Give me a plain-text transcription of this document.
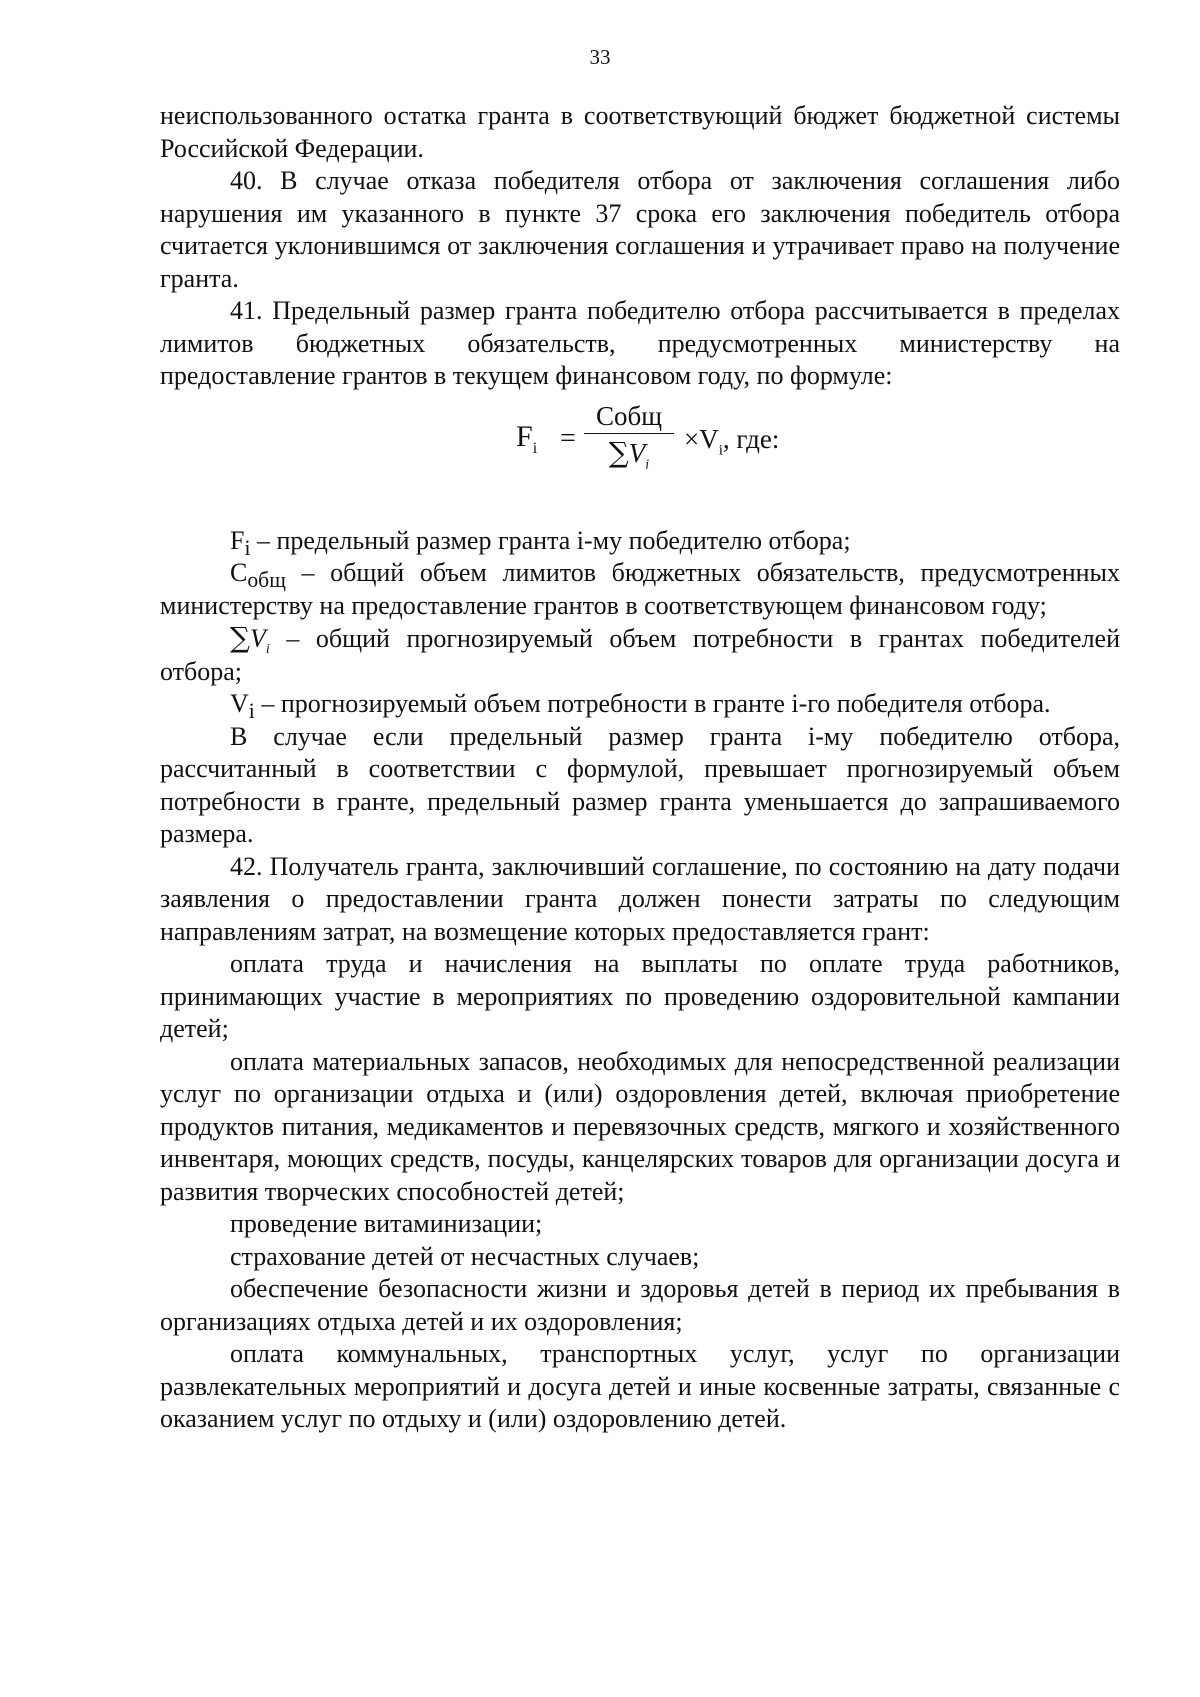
33

неиспользованного остатка гранта в соответствующий бюджет бюджетной системы Российской Федерации.

40. В случае отказа победителя отбора от заключения соглашения либо нарушения им указанного в пункте 37 срока его заключения победитель отбора считается уклонившимся от заключения соглашения и утрачивает право на получение гранта.

41. Предельный размер гранта победителю отбора рассчитывается в пределах лимитов бюджетных обязательств, предусмотренных министерству на предоставление грантов в текущем финансовом году, по формуле:

$F_i$ =
Cобщ
$\sum V_i$
$\times V_i$, где:

$F_i$ – предельный размер гранта i-му победителю отбора;

$C_{общ}$ – общий объем лимитов бюджетных обязательств, предусмотренных министерству на предоставление грантов в соответствующем финансовом году;

$\sum V_i$ – общий прогнозируемый объем потребности в грантах победителей отбора;

$V_i$ – прогнозируемый объем потребности в гранте i-го победителя отбора.

В случае если предельный размер гранта i-му победителю отбора, рассчитанный в соответствии с формулой, превышает прогнозируемый объем потребности в гранте, предельный размер гранта уменьшается до запрашиваемого размера.

42. Получатель гранта, заключивший соглашение, по состоянию на дату подачи заявления о предоставлении гранта должен понести затраты по следующим направлениям затрат, на возмещение которых предоставляется грант:

оплата труда и начисления на выплаты по оплате труда работников, принимающих участие в мероприятиях по проведению оздоровительной кампании детей;

оплата материальных запасов, необходимых для непосредственной реализации услуг по организации отдыха и (или) оздоровления детей, включая приобретение продуктов питания, медикаментов и перевязочных средств, мягкого и хозяйственного инвентаря, моющих средств, посуды, канцелярских товаров для организации досуга и развития творческих способностей детей;

проведение витаминизации;

страхование детей от несчастных случаев;

обеспечение безопасности жизни и здоровья детей в период их пребывания в организациях отдыха детей и их оздоровления;

оплата коммунальных, транспортных услуг, услуг по организации развлекательных мероприятий и досуга детей и иные косвенные затраты, связанные с оказанием услуг по отдыху и (или) оздоровлению детей.
